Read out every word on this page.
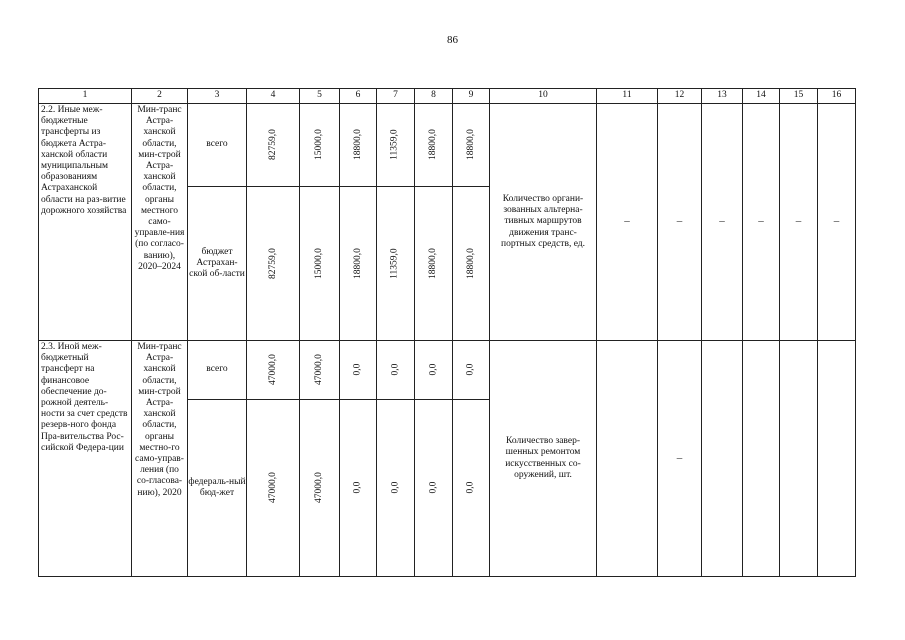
86
1	2	3	4	5	6	7	8	9	10	11	12	13	14	15	16
2.2. Иные меж-бюджетные трансферты из бюджета Астра-ханской области муниципальным образованиям Астраханской области на раз-витие дорожного хозяйства	Мин-транс Астра-ханской области, мин-строй Астра-ханской области, органы местного само-управле-ния (по согласо-ванию), 2020–2024	всего	82759,0	15000,0	18800,0	11359,0	18800,0	18800,0	Количество органи-зованных альтерна-тивных маршрутов движения транс-портных средств, ед.	–	–	–	–	–	–
		бюджет Астрахан-ской об-ласти	82759,0	15000,0	18800,0	11359,0	18800,0	18800,0							
2.3. Иной меж-бюджетный трансферт на финансовое обеспечение до-рожной деятель-ности за счет средств резерв-ного фонда Пра-вительства Рос-сийской Федера-ции	Мин-транс Астра-ханской области, мин-строй Астра-ханской области, органы местно-го само-управ-ления (по со-гласова-нию), 2020	всего	47000,0	47000,0	0,0	0,0	0,0	0,0	Количество завер-шенных ремонтом искусственных со-оружений, шт.		–				
		федераль-ный бюд-жет	47000,0	47000,0	0,0	0,0	0,0	0,0							
